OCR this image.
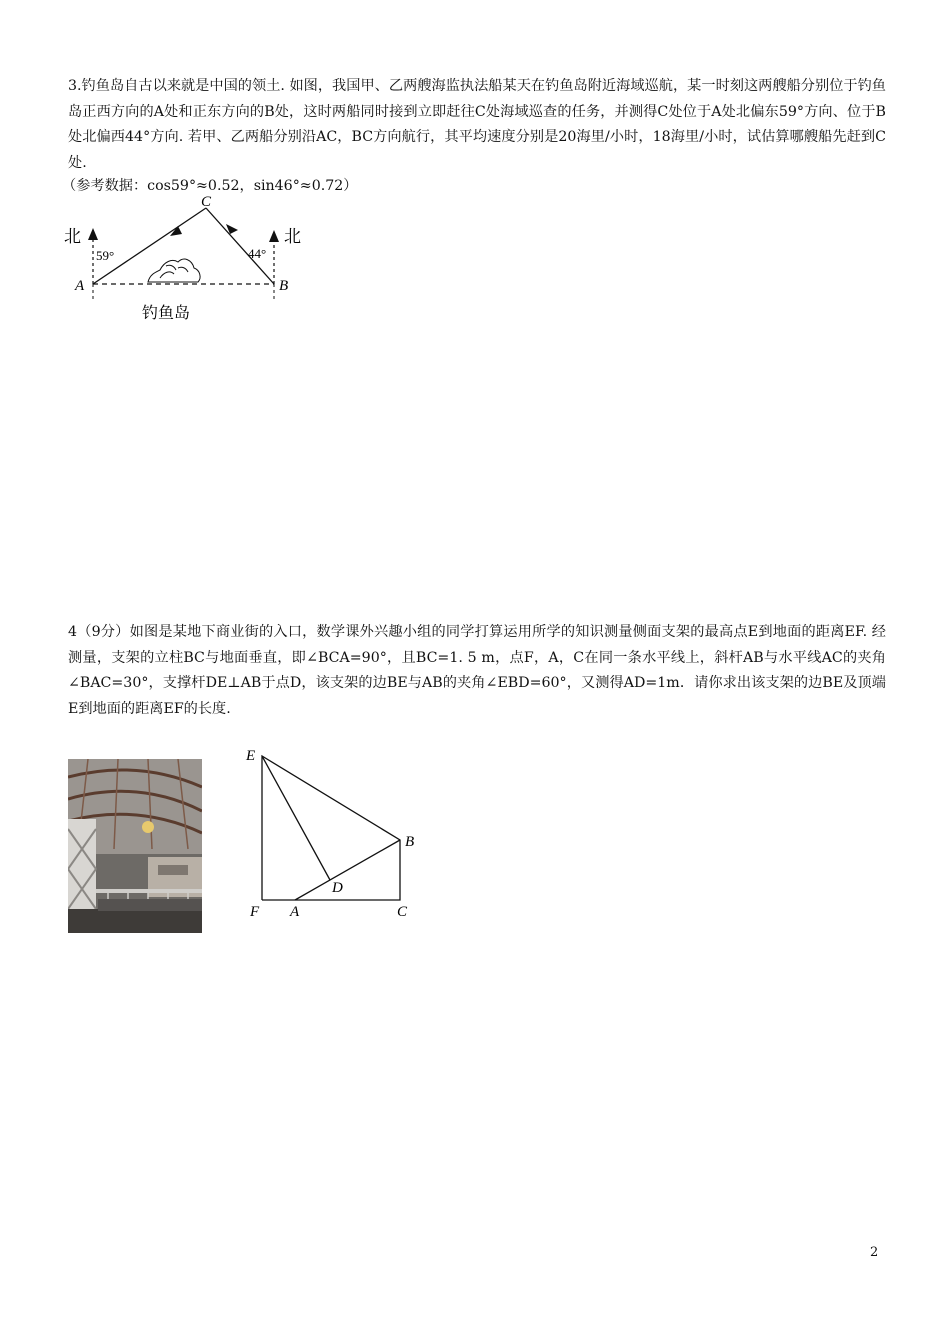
3.钓鱼岛自古以来就是中国的领土. 如图，我国甲、乙两艘海监执法船某天在钓鱼岛附近海域巡航，某一时刻这两艘船分别位于钓鱼岛正西方向的A处和正东方向的B处，这时两船同时接到立即赶往C处海域巡查的任务，并测得C处位于A处北偏东59°方向、位于B处北偏西44°方向. 若甲、乙两船分别沿AC，BC方向航行，其平均速度分别是20海里/小时，18海里/小时，试估算哪艘船先赶到C处.
（参考数据：cos59°≈0.52，sin46°≈0.72）
北	北
A	B
C
59°	44°
钓鱼岛
4（9分）如图是某地下商业街的入口，数学课外兴趣小组的同学打算运用所学的知识测量侧面支架的最高点E到地面的距离EF. 经测量，支架的立柱BC与地面垂直，即∠BCA=90°，且BC=1. 5 m，点F，A，C在同一条水平线上，斜杆AB与水平线AC的夹角∠BAC=30°，支撑杆DE⊥AB于点D，该支架的边BE与AB的夹角∠EBD=60°，又测得AD=1m．请你求出该支架的边BE及顶端E到地面的距离EF的长度.
E
B
D
F A	C
2
